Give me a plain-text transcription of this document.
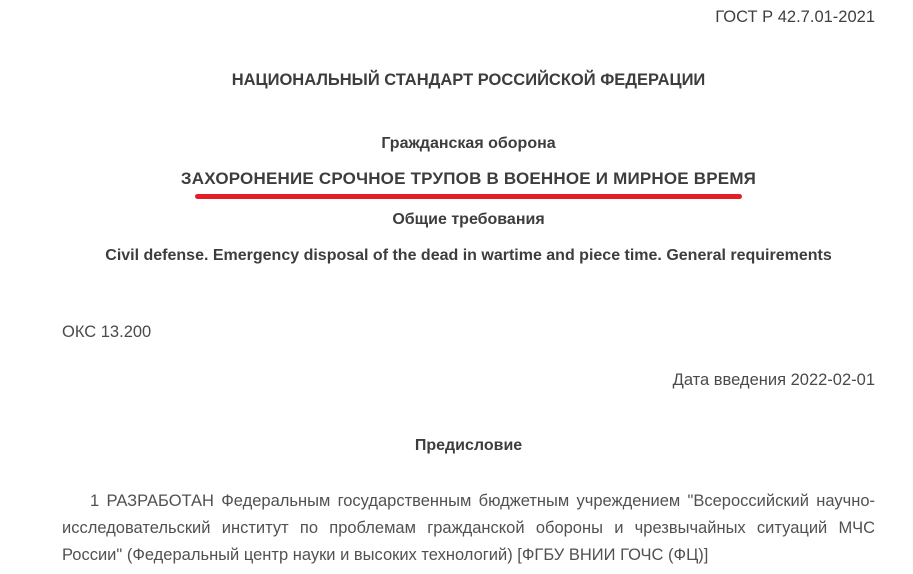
ГОСТ Р 42.7.01-2021
НАЦИОНАЛЬНЫЙ СТАНДАРТ РОССИЙСКОЙ ФЕДЕРАЦИИ
Гражданская оборона
ЗАХОРОНЕНИЕ СРОЧНОЕ ТРУПОВ В ВОЕННОЕ И МИРНОЕ ВРЕМЯ
Общие требования
Civil defense. Emergency disposal of the dead in wartime and piece time. General requirements
ОКС 13.200
Дата введения 2022-02-01
Предисловие
1 РАЗРАБОТАН Федеральным государственным бюджетным учреждением "Всероссийский научно-исследовательский институт по проблемам гражданской обороны и чрезвычайных ситуаций МЧС России" (Федеральный центр науки и высоких технологий) [ФГБУ ВНИИ ГОЧС (ФЦ)]
